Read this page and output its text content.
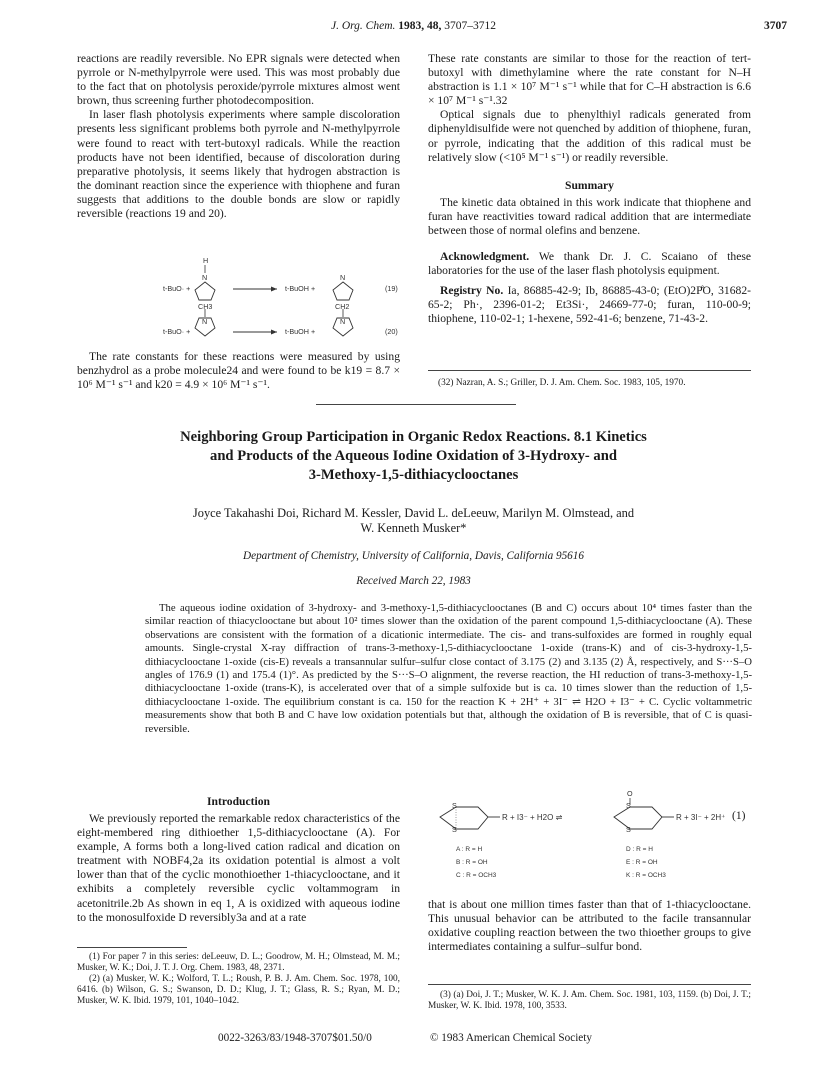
J. Org. Chem. 1983, 48, 3707–3712	3707

reactions are readily reversible. No EPR signals were detected when pyrrole or N-methylpyrrole were used. This was most probably due to the fact that on photolysis peroxide/pyrrole mixtures almost went brown, thus screening further photodecomposition.

In laser flash photolysis experiments where sample discoloration presents less significant problems both pyrrole and N-methylpyrrole were found to react with tert-butoxyl radicals. While the reaction products have not been identified, because of discoloration during preparative photolysis, it seems likely that hydrogen abstraction is the dominant reaction since the experience with thiophene and furan suggests that additions to the double bonds are slow or rapidly reversible (reactions 19 and 20).

H
t-BuO· +
N
t-BuOH +
N
(19)
CH3
t-BuO· +
N
t-BuOH +
CH2
N
(20)

The rate constants for these reactions were measured by using benzhydrol as a probe molecule24 and were found to be k19 = 8.7 × 10⁶ M⁻¹ s⁻¹ and k20 = 4.9 × 10⁶ M⁻¹ s⁻¹.

These rate constants are similar to those for the reaction of tert-butoxyl with dimethylamine where the rate constant for N–H abstraction is 1.1 × 10⁷ M⁻¹ s⁻¹ while that for C–H abstraction is 6.6 × 10⁷ M⁻¹ s⁻¹.32

Optical signals due to phenylthiyl radicals generated from diphenyldisulfide were not quenched by addition of thiophene, furan, or pyrrole, indicating that the addition of this radical must be relatively slow (<10⁵ M⁻¹ s⁻¹) or readily reversible.

Summary

The kinetic data obtained in this work indicate that thiophene and furan have reactivities toward radical addition that are intermediate between those of normal olefins and benzene.

Acknowledgment. We thank Dr. J. C. Scaiano of these laboratories for the use of the laser flash photolysis equipment.

Registry No. Ia, 86885-42-9; Ib, 86885-43-0; (EtO)2P̊O, 31682-65-2; Ph·, 2396-01-2; Et3Si·, 24669-77-0; furan, 110-00-9; thiophene, 110-02-1; 1-hexene, 592-41-6; benzene, 71-43-2.

(32) Nazran, A. S.; Griller, D. J. Am. Chem. Soc. 1983, 105, 1970.
Neighboring Group Participation in Organic Redox Reactions. 8.1 Kinetics
and Products of the Aqueous Iodine Oxidation of 3-Hydroxy- and
3-Methoxy-1,5-dithiacyclooctanes
Joyce Takahashi Doi, Richard M. Kessler, David L. deLeeuw, Marilyn M. Olmstead, and
W. Kenneth Musker*
Department of Chemistry, University of California, Davis, California 95616
Received March 22, 1983

The aqueous iodine oxidation of 3-hydroxy- and 3-methoxy-1,5-dithiacyclooctanes (B and C) occurs about 10⁴ times faster than the similar reaction of thiacyclooctane but about 10² times slower than the oxidation of the parent compound 1,5-dithiacyclooctane (A). These observations are consistent with the formation of a dicationic intermediate. The cis- and trans-sulfoxides are formed in roughly equal amounts. Single-crystal X-ray diffraction of trans-3-methoxy-1,5-dithiacyclooctane 1-oxide (trans-K) and of cis-3-hydroxy-1,5-dithiacyclooctane 1-oxide (cis-E) reveals a transannular sulfur–sulfur close contact of 3.175 (2) and 3.135 (2) Å, respectively, and S···S–O angles of 176.9 (1) and 175.4 (1)°. As predicted by the S···S–O alignment, the reverse reaction, the HI reduction of trans-3-methoxy-1,5-dithiacyclooctane 1-oxide (trans-K), is accelerated over that of a simple sulfoxide but is ca. 10 times slower than the reduction of 1,5-dithiacyclooctane 1-oxide. The equilibrium constant is ca. 150 for the reaction K + 2H⁺ + 3I⁻ ⇌ H2O + I3⁻ + C. Cyclic voltammetric measurements show that both B and C have low oxidation potentials but that, although the oxidation of B is reversible, that of C is quasi-reversible.

Introduction

We previously reported the remarkable redox characteristics of the eight-membered ring dithioether 1,5-dithiacyclooctane (A). For example, A forms both a long-lived cation radical and dication on treatment with NOBF4,2a its oxidation potential is almost a volt lower than that of the cyclic monothioether 1-thiacyclooctane, and it exhibits a completely reversible cyclic voltammogram in acetonitrile.2b As shown in eq 1, A is oxidized with aqueous iodine to the monosulfoxide D reversibly3a and at a rate

(1) For paper 7 in this series: deLeeuw, D. L.; Goodrow, M. H.; Olmstead, M. M.; Musker, W. K.; Doi, J. T. J. Org. Chem. 1983, 48, 2371.

(2) (a) Musker, W. K.; Wolford, T. L.; Roush, P. B. J. Am. Chem. Soc. 1978, 100, 6416. (b) Wilson, G. S.; Swanson, D. D.; Klug, J. T.; Glass, R. S.; Ryan, M. D.; Musker, W. K. Ibid. 1979, 101, 1040–1042.

S
S
R + I3⁻ + H2O ⇌
O
S
S
R + 3I⁻ + 2H⁺ (1)
A : R = H
B : R = OH
C : R = OCH3
D : R = H
E : R = OH
K : R = OCH3

that is about one million times faster than that of 1-thiacyclooctane. This unusual behavior can be attributed to the facile transannular oxidative coupling reaction between the two thioether groups to give intermediates containing a sulfur–sulfur bond.

(3) (a) Doi, J. T.; Musker, W. K. J. Am. Chem. Soc. 1981, 103, 1159. (b) Doi, J. T.; Musker, W. K. Ibid. 1978, 100, 3533.

0022-3263/83/1948-3707$01.50/0	© 1983 American Chemical Society
